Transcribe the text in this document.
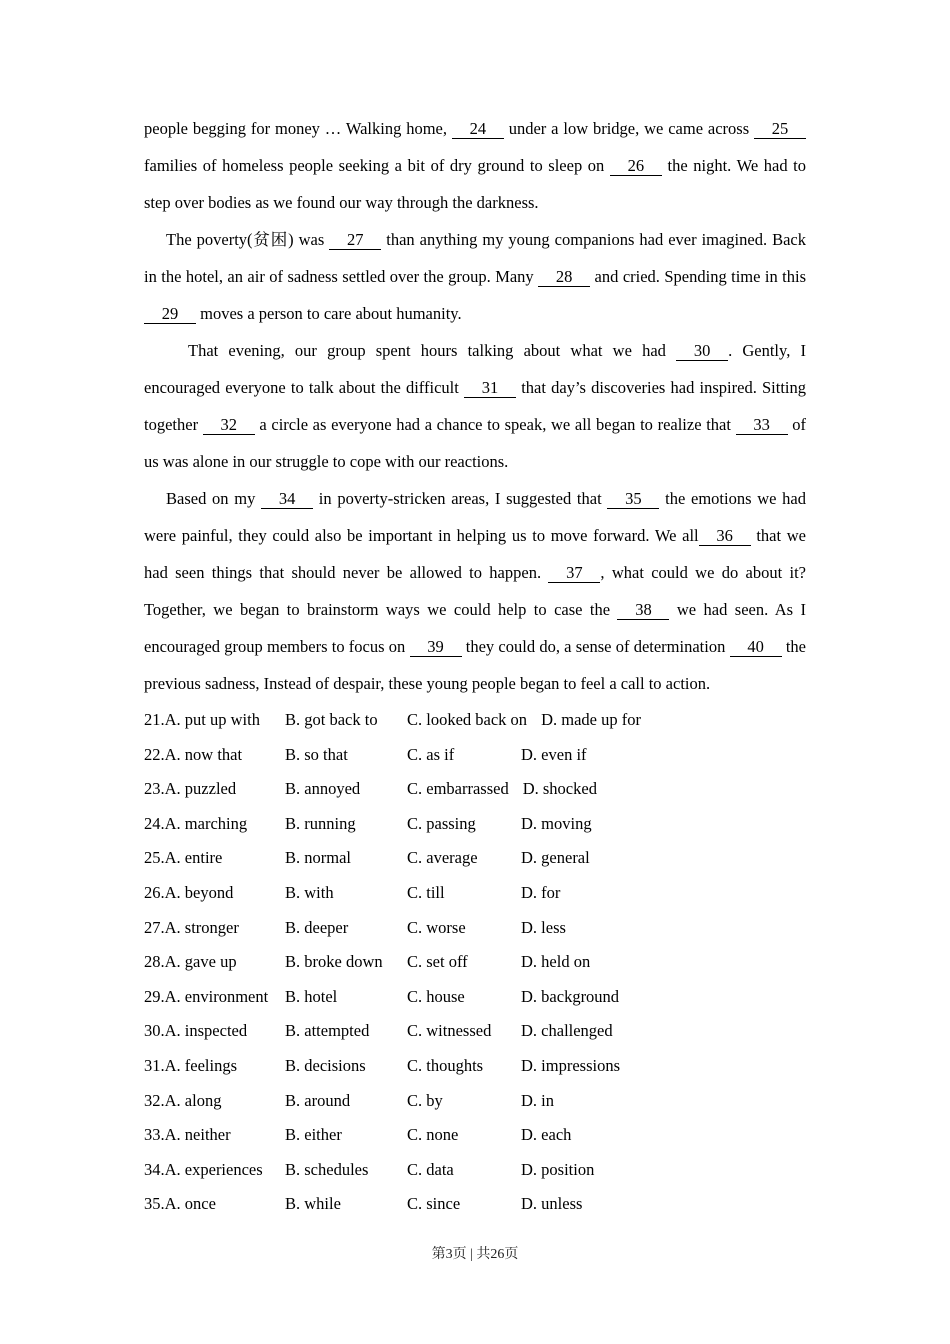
people begging for money … Walking home, 24 under a low bridge, we came across 25 families of homeless people seeking a bit of dry ground to sleep on 26 the night. We had to step over bodies as we found our way through the darkness.

The poverty(贫困) was 27 than anything my young companions had ever imagined. Back in the hotel, an air of sadness settled over the group. Many 28 and cried. Spending time in this 29 moves a person to care about humanity.

That evening, our group spent hours talking about what we had 30 . Gently, I encouraged everyone to talk about the difficult 31 that day’s discoveries had inspired. Sitting together 32 a circle as everyone had a chance to speak, we all began to realize that 33 of us was alone in our struggle to cope with our reactions.

Based on my 34 in poverty-stricken areas, I suggested that 35 the emotions we had were painful, they could also be important in helping us to move forward. We all 36 that we had seen things that should never be allowed to happen. 37 , what could we do about it? Together, we began to brainstorm ways we could help to case the 38 we had seen. As I encouraged group members to focus on 39 they could do, a sense of determination 40 the previous sadness, Instead of despair, these young people began to feel a call to action.

21.A. put up with	B. got back to	C. looked back on D. made up for
22.A. now that	B. so that	C. as if	D. even if
23.A. puzzled	B. annoyed	C. embarrassed D. shocked
24.A. marching	B. running	C. passing	D. moving
25.A. entire	B. normal	C. average	D. general
26.A. beyond	B. with	C. till	D. for
27.A. stronger	B. deeper	C. worse	D. less
28.A. gave up	B. broke down	C. set off	D. held on
29.A. environment	B. hotel	C. house	D. background
30.A. inspected	B. attempted	C. witnessed	D. challenged
31.A. feelings	B. decisions	C. thoughts	D. impressions
32.A. along	B. around	C. by	D. in
33.A. neither	B. either	C. none	D. each
34.A. experiences	B. schedules	C. data	D. position
35.A. once	B. while	C. since	D. unless
第3页 | 共26页
